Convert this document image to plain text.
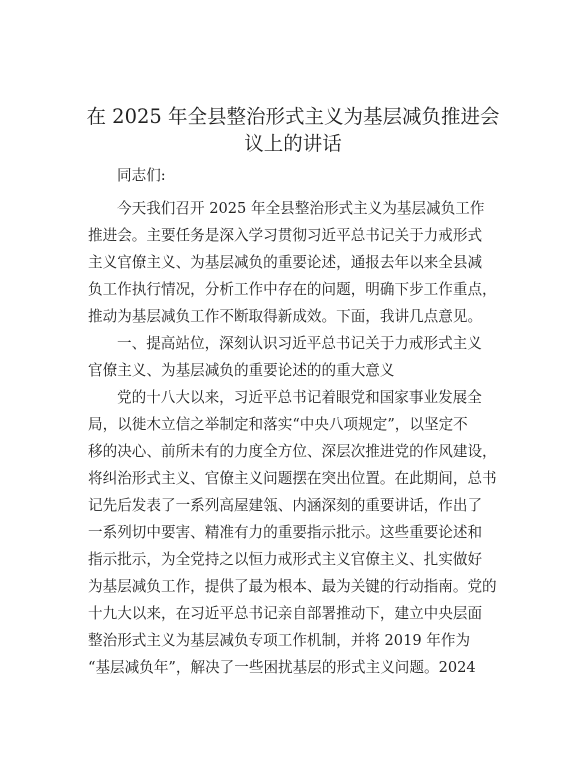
在 2025 年全县整治形式主义为基层减负推进会
议上的讲话
同志们:
今天我们召开 2025 年全县整治形式主义为基层减负工作
推进会。主要任务是深入学习贯彻习近平总书记关于力戒形式
主义官僚主义、为基层减负的重要论述，通报去年以来全县减
负工作执行情况，分析工作中存在的问题，明确下步工作重点，
推动为基层减负工作不断取得新成效。下面，我讲几点意见。
一、提高站位，深刻认识习近平总书记关于力戒形式主义
官僚主义、为基层减负的重要论述的的重大意义
党的十八大以来，习近平总书记着眼党和国家事业发展全
局，以徙木立信之举制定和落实“中央八项规定”，以坚定不
移的决心、前所未有的力度全方位、深层次推进党的作风建设，
将纠治形式主义、官僚主义问题摆在突出位置。在此期间，总书
记先后发表了一系列高屋建瓴、内涵深刻的重要讲话，作出了
一系列切中要害、精准有力的重要指示批示。这些重要论述和
指示批示，为全党持之以恒力戒形式主义官僚主义、扎实做好
为基层减负工作，提供了最为根本、最为关键的行动指南。党的
十九大以来，在习近平总书记亲自部署推动下，建立中央层面
整治形式主义为基层减负专项工作机制，并将 2019 年作为
“基层减负年”，解决了一些困扰基层的形式主义问题。2024
